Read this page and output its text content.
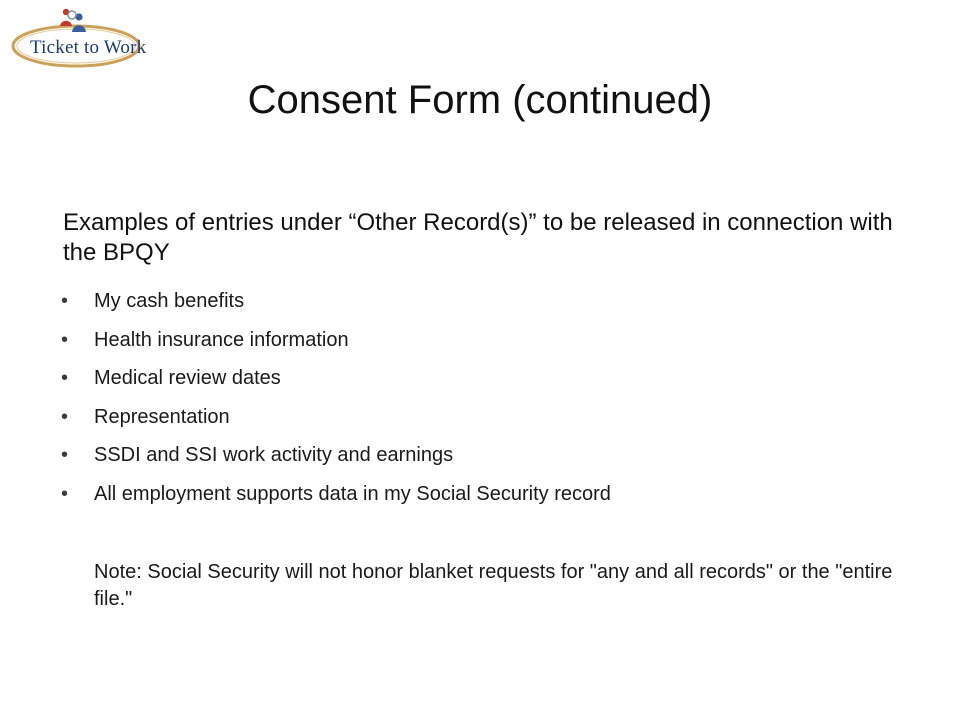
Ticket to Work
Consent Form (continued)
Examples of entries under “Other Record(s)” to be released in connection with the BPQY
• My cash benefits
• Health insurance information
• Medical review dates
• Representation
• SSDI and SSI work activity and earnings
• All employment supports data in my Social Security record
Note: Social Security will not honor blanket requests for "any and all records" or the "entire file."
